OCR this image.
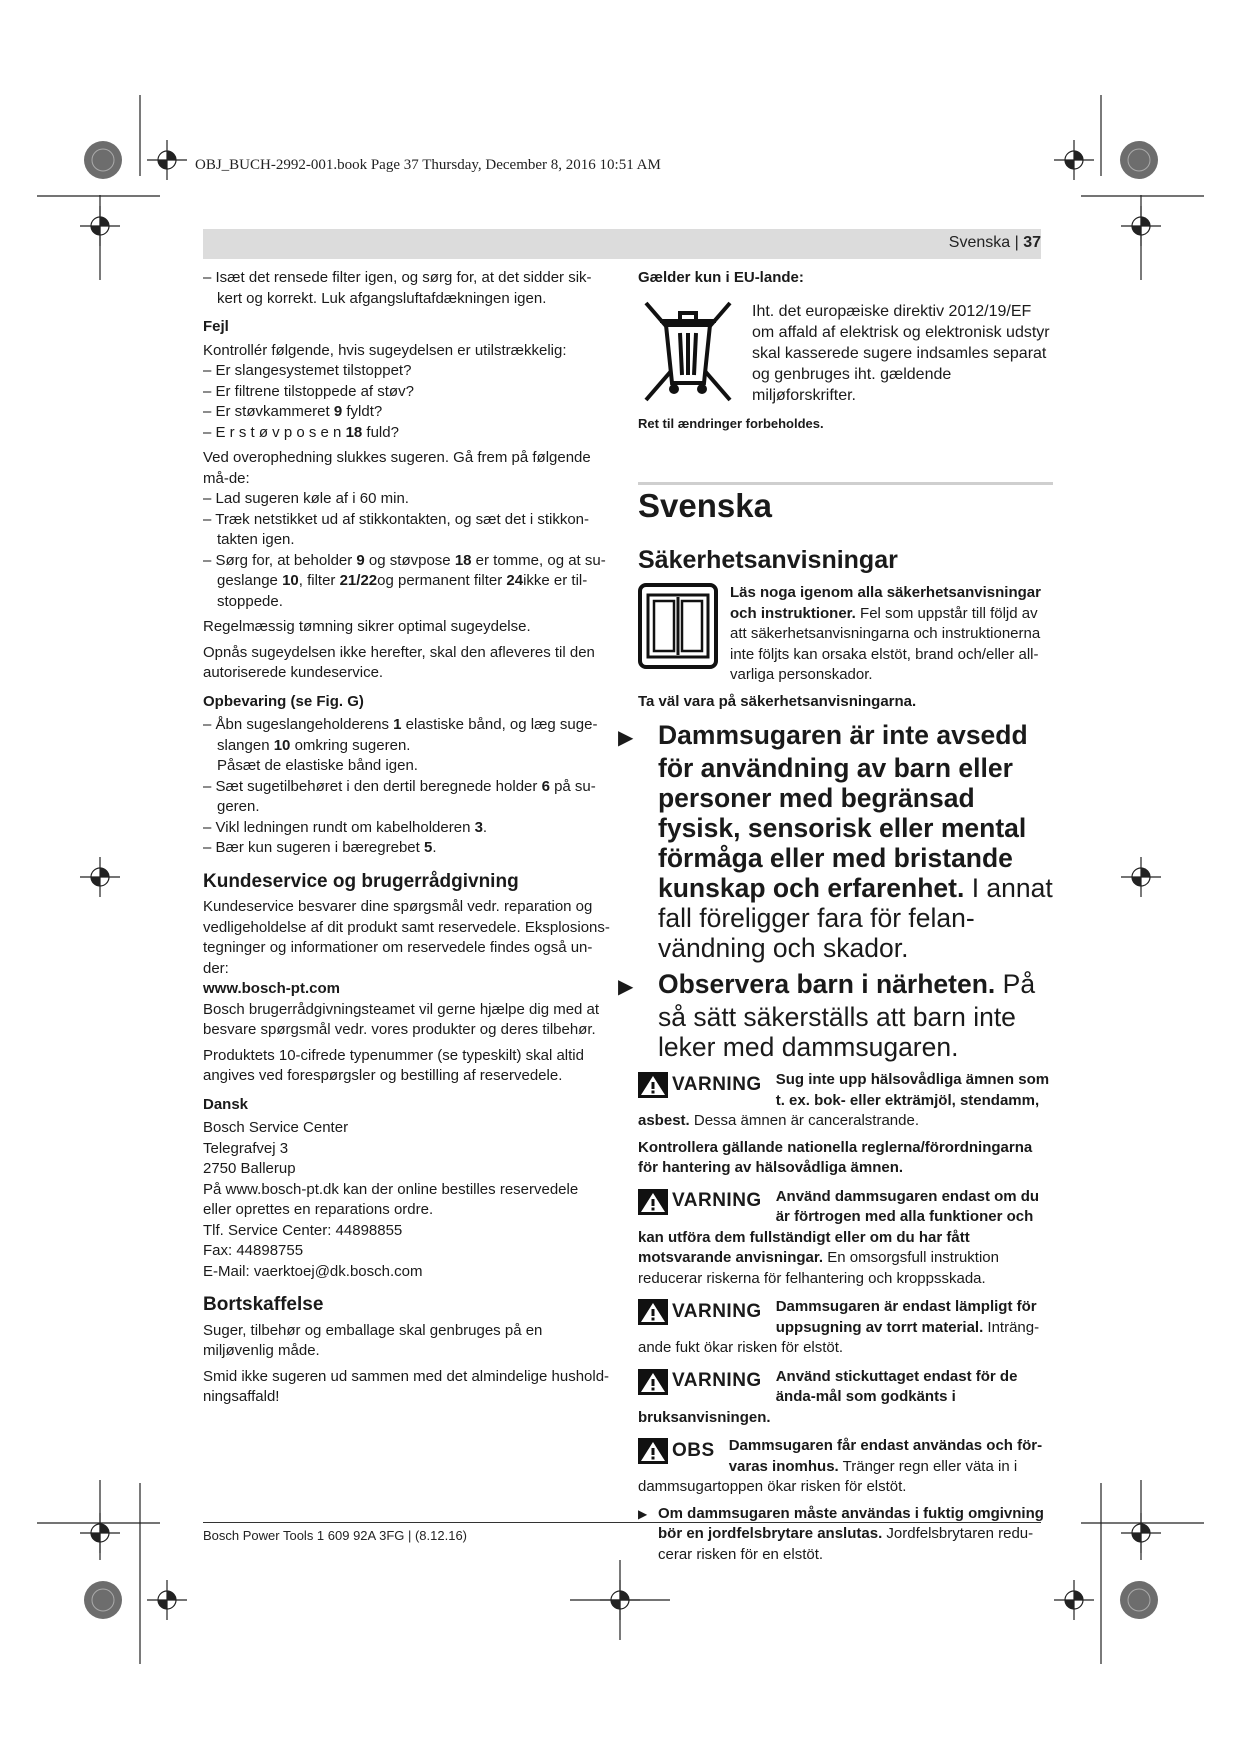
OBJ_BUCH-2992-001.book Page 37 Thursday, December 8, 2016 10:51 AM
Svenska | 37

– Isæt det rensede filter igen, og sørg for, at det sidder sik-kert og korrekt. Luk afgangsluftafdækningen igen.

Fejl
Kontrollér følgende, hvis sugeydelsen er utilstrækkelig:
– Er slangesystemet tilstoppet?
– Er filtrene tilstoppede af støv?
– Er støvkammeret 9 fyldt?

– E r s t ø v p o s e n 18 fuld?

Ved overophedning slukkes sugeren. Gå frem på følgende må-de:
– Lad sugeren køle af i 60 min.
– Træk netstikket ud af stikkontakten, og sæt det i stikkon-takten igen.

– Sørg for, at beholder 9 og støvpose 18 er tomme, og at su-geslange 10, filter 21/22og permanent filter 24ikke er til-stoppede.

Regelmæssig tømning sikrer optimal sugeydelse.

Opnås sugeydelsen ikke herefter, skal den afleveres til den autoriserede kundeservice.

Opbevaring (se Fig. G)
– Åbn sugeslangeholderens 1 elastiske bånd, og læg suge-slangen 10 omkring sugeren.
Påsæt de elastiske bånd igen.
– Sæt sugetilbehøret i den dertil beregnede holder 6 på su-geren.
– Vikl ledningen rundt om kabelholderen 3.
– Bær kun sugeren i bæregrebet 5.
Kundeservice og brugerrådgivning
Kundeservice besvarer dine spørgsmål vedr. reparation og vedligeholdelse af dit produkt samt reservedele. Eksplosions-tegninger og informationer om reservedele findes også un-der:
www.bosch-pt.com

Bosch brugerrådgivningsteamet vil gerne hjælpe dig med at besvare spørgsmål vedr. vores produkter og deres tilbehør.

Produktets 10-cifrede typenummer (se typeskilt) skal altid angives ved forespørgsler og bestilling af reservedele.

Dansk
Bosch Service Center
Telegrafvej 3
2750 Ballerup
På www.bosch-pt.dk kan der online bestilles reservedele eller oprettes en reparations ordre.
Tlf. Service Center: 44898855
Fax: 44898755
E-Mail: vaerktoej@dk.bosch.com
Bortskaffelse

Suger, tilbehør og emballage skal genbruges på en miljøvenlig måde.

Smid ikke sugeren ud sammen med det almindelige hushold-ningsaffald!

Gælder kun i EU-lande:
Iht. det europæiske direktiv 2012/19/EF om affald af elektrisk og elektronisk udstyr skal kasserede sugere indsamles separat og genbruges iht. gældende miljøforskrifter.
Ret til ændringer forbeholdes.
Svenska
Säkerhetsanvisningar
Läs noga igenom alla säkerhetsanvisningar och instruktioner. Fel som uppstår till följd av att säkerhetsanvisningarna och instruktionerna inte följts kan orsaka elstöt, brand och/eller all-varliga personskador.
Ta väl vara på säkerhetsanvisningarna.
▶ Dammsugaren är inte avsedd för användning av barn eller personer med begränsad fysisk, sensorisk eller mental förmåga eller med bristande kunskap och erfarenhet. I annat fall föreligger fara för felan-vändning och skador.
▶ Observera barn i närheten. På så sätt säkerställs att barn inte leker med dammsugaren.
VARNING Sug inte upp hälsovådliga ämnen som t. ex. bok- eller ekträmjöl, stendamm, asbest. Dessa ämnen är canceralstrande.
Kontrollera gällande nationella reglerna/förordningarna för hantering av hälsovådliga ämnen.
VARNING Använd dammsugaren endast om du är förtrogen med alla funktioner och kan utföra dem fullständigt eller om du har fått motsvarande anvisningar. En omsorgsfull instruktion reducerar riskerna för felhantering och kroppsskada.
VARNING Dammsugaren är endast lämpligt för uppsugning av torrt material. Inträng-ande fukt ökar risken för elstöt.
VARNING Använd stickuttaget endast för de ända-mål som godkänts i bruksanvisningen.
OBS Dammsugaren får endast användas och för-varas inomhus. Tränger regn eller väta in i dammsugartoppen ökar risken för elstöt.
▶ Om dammsugaren måste användas i fuktig omgivning bör en jordfelsbrytare anslutas. Jordfelsbrytaren redu-cerar risken för en elstöt.
Bosch Power Tools 1 609 92A 3FG | (8.12.16)
